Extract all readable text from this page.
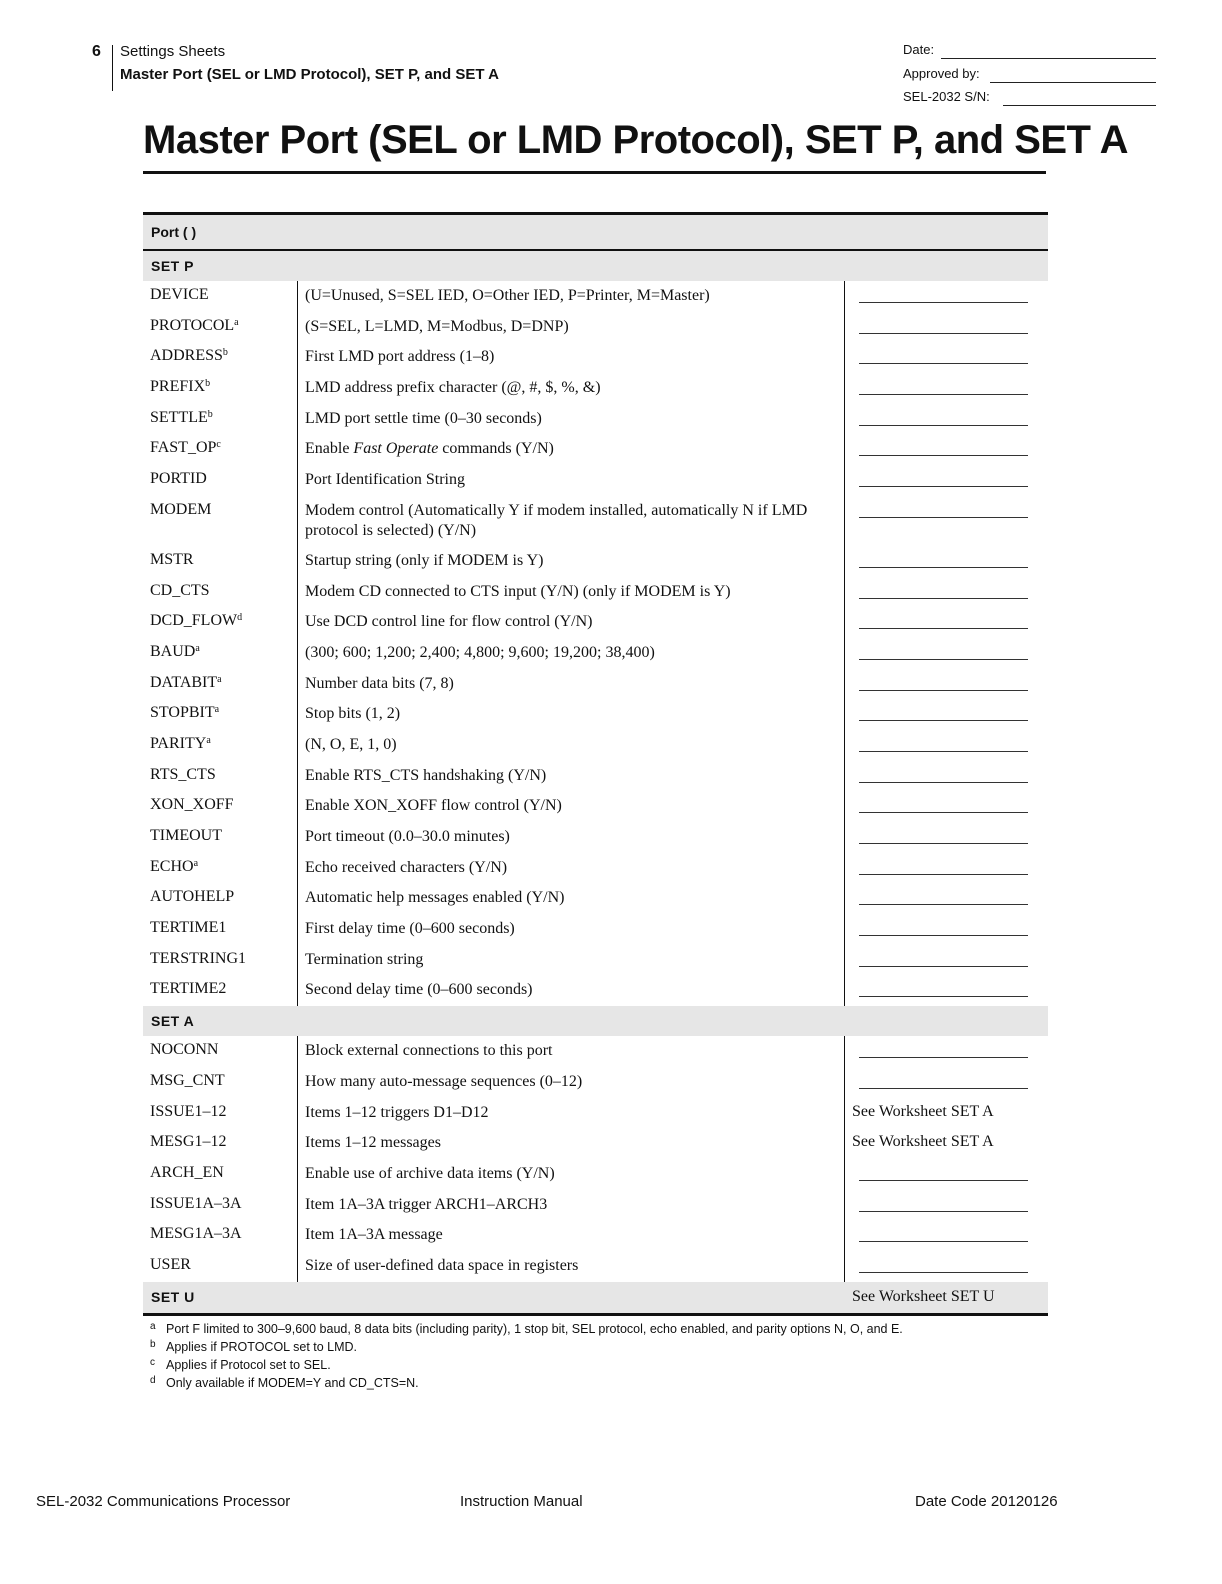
6 Settings Sheets
Master Port (SEL or LMD Protocol), SET P, and SET A
Date:
Approved by:
SEL-2032 S/N:
Master Port (SEL or LMD Protocol), SET P, and SET A
Port ( )
SET P
DEVICE	(U=Unused, S=SEL IED, O=Other IED, P=Printer, M=Master)
PROTOCOL$^a$	(S=SEL, L=LMD, M=Modbus, D=DNP)
ADDRESS$^b$	First LMD port address (1–8)
PREFIX$^b$	LMD address prefix character (@, #, $, %, &)
SETTLE$^b$	LMD port settle time (0–30 seconds)
$FAST\_OP^c$	Enable Fast Operate commands (Y/N)
PORTID	Port Identification String
MODEM	Modem control (Automatically Y if modem installed, automatically N if LMD protocol is selected) (Y/N)
MSTR	Startup string (only if MODEM is Y)
CD_CTS	Modem CD connected to CTS input (Y/N) (only if MODEM is Y)
DCD_FLOW$^d$	Use DCD control line for flow control (Y/N)
BAUD$^a$	(300; 600; 1,200; 2,400; 4,800; 9,600; 19,200; 38,400)
DATABIT$^a$	Number data bits (7, 8)
STOPBIT$^a$	Stop bits (1, 2)
PARITY$^a$	(N, O, E, 1, 0)
RTS_CTS	Enable RTS_CTS handshaking (Y/N)
XON_XOFF	Enable XON_XOFF flow control (Y/N)
TIMEOUT	Port timeout (0.0–30.0 minutes)
ECHO$^a$	Echo received characters (Y/N)
AUTOHELP	Automatic help messages enabled (Y/N)
TERTIME1	First delay time (0–600 seconds)
TERSTRING1	Termination string
TERTIME2	Second delay time (0–600 seconds)
SET A
NOCONN	Block external connections to this port
MSG_CNT	How many auto-message sequences (0–12)
ISSUE1–12	Items 1–12 triggers D1–D12	See Worksheet SET A
MESG1–12	Items 1–12 messages	See Worksheet SET A
ARCH_EN	Enable use of archive data items (Y/N)
ISSUE1A–3A	Item 1A–3A trigger ARCH1–ARCH3
MESG1A–3A	Item 1A–3A message
USER	Size of user-defined data space in registers
SET U	See Worksheet SET U
a Port F limited to 300–9,600 baud, 8 data bits (including parity), 1 stop bit, SEL protocol, echo enabled, and parity options N, O, and E.
b Applies if PROTOCOL set to LMD.
c Applies if Protocol set to SEL.
d Only available if MODEM=Y and CD_CTS=N.
SEL-2032 Communications Processor	Instruction Manual	Date Code 20120126
